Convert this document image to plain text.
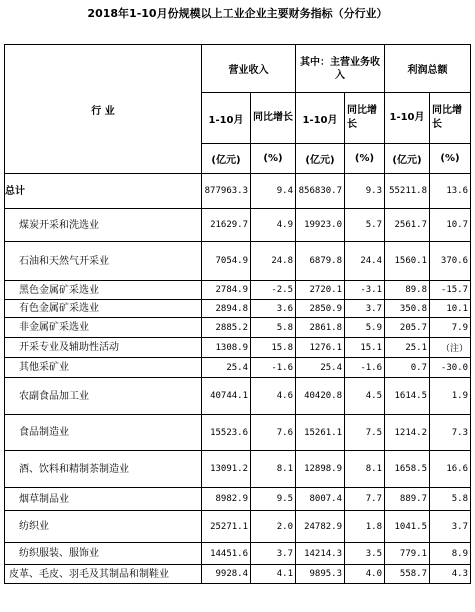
2018年1-10月份规模以上工业企业主要财务指标（分行业）
行 业	营业收入		其中：主营业务收入		利润总额	
	1-10月	同比增长	1-10月	同比增长	1-10月	同比增长
	(亿元)	(%)	(亿元)	(%)	(亿元)	(%)

总计	877963.3	9.4	856830.7	9.3	55211.8	13.6

煤炭开采和洗选业	21629.7	4.9	19923.0	5.7	2561.7	10.7

石油和天然气开采业	7054.9	24.8	6879.8	24.4	1560.1	370.6

黑色金属矿采选业	2784.9	-2.5	2720.1	-3.1	89.8	-15.7

有色金属矿采选业	2894.8	3.6	2850.9	3.7	350.8	10.1

非金属矿采选业	2885.2	5.8	2861.8	5.9	205.7	7.9

开采专业及辅助性活动	1308.9	15.8	1276.1	15.1	25.1	（注）

其他采矿业	25.4	-1.6	25.4	-1.6	0.7	-30.0

农副食品加工业	40744.1	4.6	40420.8	4.5	1614.5	1.9

食品制造业	15523.6	7.6	15261.1	7.5	1214.2	7.3

酒、饮料和精制茶制造业	13091.2	8.1	12898.9	8.1	1658.5	16.6

烟草制品业	8982.9	9.5	8007.4	7.7	889.7	5.8

纺织业	25271.1	2.0	24782.9	1.8	1041.5	3.7

纺织服装、服饰业	14451.6	3.7	14214.3	3.5	779.1	8.9

皮革、毛皮、羽毛及其制品和制鞋业	9928.4	4.1	9895.3	4.0	558.7	4.3
